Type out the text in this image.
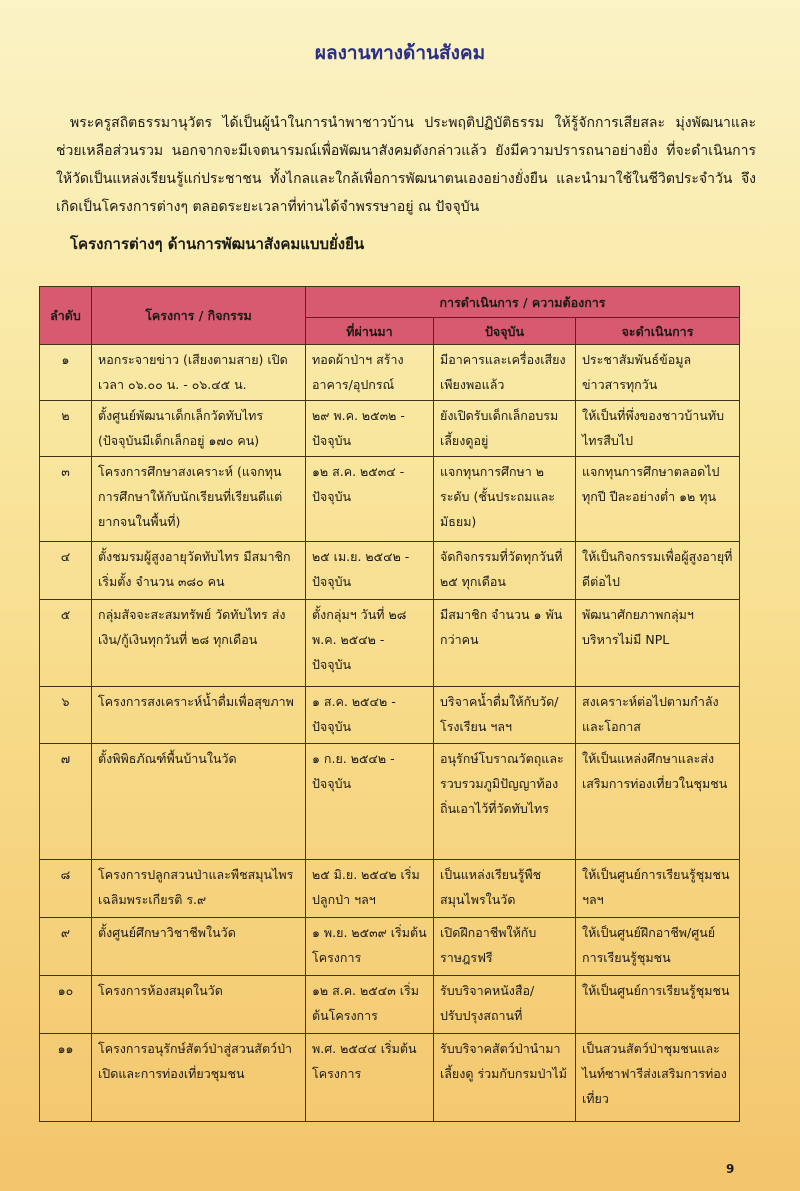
ผลงานทางด้านสังคม

พระครูสถิตธรรมานุวัตร ได้เป็นผู้นำในการนำพาชาวบ้าน ประพฤติปฏิบัติธรรม ให้รู้จักการเสียสละ มุ่งพัฒนาและช่วยเหลือส่วนรวม นอกจากจะมีเจตนารมณ์เพื่อพัฒนาสังคมดังกล่าวแล้ว ยังมีความปรารถนาอย่างยิ่ง ที่จะดำเนินการให้วัดเป็นแหล่งเรียนรู้แก่ประชาชน ทั้งไกลและใกล้เพื่อการพัฒนาตนเองอย่างยั่งยืน และนำมาใช้ในชีวิตประจำวัน จึงเกิดเป็นโครงการต่างๆ ตลอดระยะเวลาที่ท่านได้จำพรรษาอยู่ ณ ปัจจุบัน

โครงการต่างๆ ด้านการพัฒนาสังคมแบบยั่งยืน
ลำดับ	โครงการ / กิจกรรม	การดำเนินการ / ความต้องการ		
		ที่ผ่านมา	ปัจจุบัน	จะดำเนินการ
๑	หอกระจายข่าว (เสียงตามสาย) เปิดเวลา ๐๖.๐๐ น. - ๐๖.๔๕ น.	ทอดผ้าป่าฯ สร้างอาคาร/อุปกรณ์	มีอาคารและเครื่องเสียงเพียงพอแล้ว	ประชาสัมพันธ์ข้อมูลข่าวสารทุกวัน
๒	ตั้งศูนย์พัฒนาเด็กเล็กวัดทับไทร (ปัจจุบันมีเด็กเล็กอยู่ ๑๗๐ คน)	๒๙ พ.ค. ๒๕๓๒ - ปัจจุบัน	ยังเปิดรับเด็กเล็กอบรมเลี้ยงดูอยู่	ให้เป็นที่พึ่งของชาวบ้านทับไทรสืบไป
๓	โครงการศึกษาสงเคราะห์ (แจกทุนการศึกษาให้กับนักเรียนที่เรียนดีแต่ยากจนในพื้นที่)	๑๒ ส.ค. ๒๕๓๔ - ปัจจุบัน	แจกทุนการศึกษา ๒ ระดับ (ชั้นประถมและมัธยม)	แจกทุนการศึกษาตลอดไปทุกปี ปีละอย่างต่ำ ๑๒ ทุน
๔	ตั้งชมรมผู้สูงอายุวัดทับไทร มีสมาชิกเริ่มตั้ง จำนวน ๓๘๐ คน	๒๕ เม.ย. ๒๕๔๒ - ปัจจุบัน	จัดกิจกรรมที่วัดทุกวันที่ ๒๕ ทุกเดือน	ให้เป็นกิจกรรมเพื่อผู้สูงอายุที่ดีต่อไป
๕	กลุ่มสัจจะสะสมทรัพย์ วัดทับไทร ส่งเงิน/กู้เงินทุกวันที่ ๒๘ ทุกเดือน	ตั้งกลุ่มฯ วันที่ ๒๘ พ.ค. ๒๕๔๒ - ปัจจุบัน	มีสมาชิก จำนวน ๑ พันกว่าคน	พัฒนาศักยภาพกลุ่มฯ บริหารไม่มี NPL
๖	โครงการสงเคราะห์น้ำดื่มเพื่อสุขภาพ	๑ ส.ค. ๒๕๔๒ - ปัจจุบัน	บริจาคน้ำดื่มให้กับวัด/โรงเรียน ฯลฯ	สงเคราะห์ต่อไปตามกำลังและโอกาส
๗	ตั้งพิพิธภัณฑ์พื้นบ้านในวัด	๑ ก.ย. ๒๕๔๒ - ปัจจุบัน	อนุรักษ์โบราณวัตถุและรวบรวมภูมิปัญญาท้องถิ่นเอาไว้ที่วัดทับไทร	ให้เป็นแหล่งศึกษาและส่งเสริมการท่องเที่ยวในชุมชน
๘	โครงการปลูกสวนป่าและพืชสมุนไพรเฉลิมพระเกียรติ ร.๙	๒๕ มิ.ย. ๒๕๔๒ เริ่มปลูกป่า ฯลฯ	เป็นแหล่งเรียนรู้พืชสมุนไพรในวัด	ให้เป็นศูนย์การเรียนรู้ชุมชน ฯลฯ
๙	ตั้งศูนย์ศึกษาวิชาชีพในวัด	๑ พ.ย. ๒๕๓๙ เริ่มต้นโครงการ	เปิดฝึกอาชีพให้กับราษฎรฟรี	ให้เป็นศูนย์ฝึกอาชีพ/ศูนย์การเรียนรู้ชุมชน
๑๐	โครงการห้องสมุดในวัด	๑๒ ส.ค. ๒๕๔๓ เริ่มต้นโครงการ	รับบริจาคหนังสือ/ปรับปรุงสถานที่	ให้เป็นศูนย์การเรียนรู้ชุมชน
๑๑	โครงการอนุรักษ์สัตว์ป่าสู่สวนสัตว์ป่าเปิดและการท่องเที่ยวชุมชน	พ.ศ. ๒๕๔๔ เริ่มต้นโครงการ	รับบริจาคสัตว์ป่านำมาเลี้ยงดู ร่วมกับกรมป่าไม้	เป็นสวนสัตว์ป่าชุมชนและไนท์ซาฟารีส่งเสริมการท่องเที่ยว
9
